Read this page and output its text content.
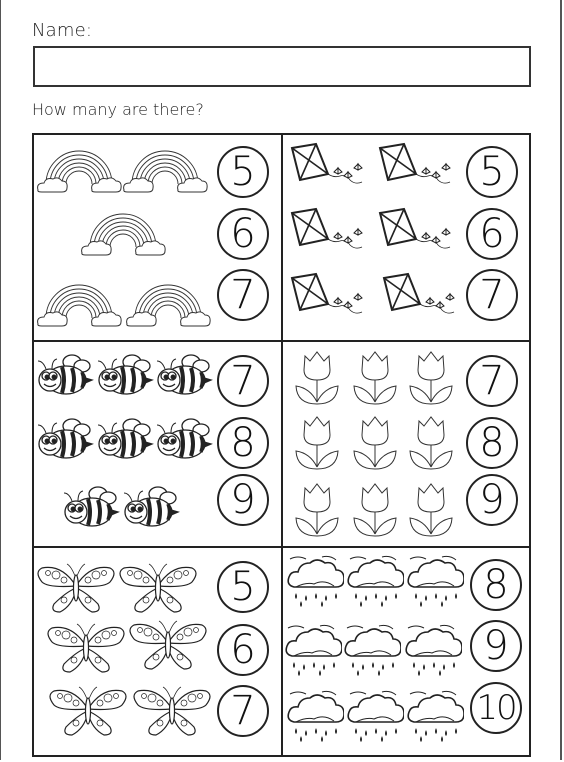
Name:
How many are there?
5
6
7
5
6
7
7
8
9
7
8
9
5
6
7
8
9
10
